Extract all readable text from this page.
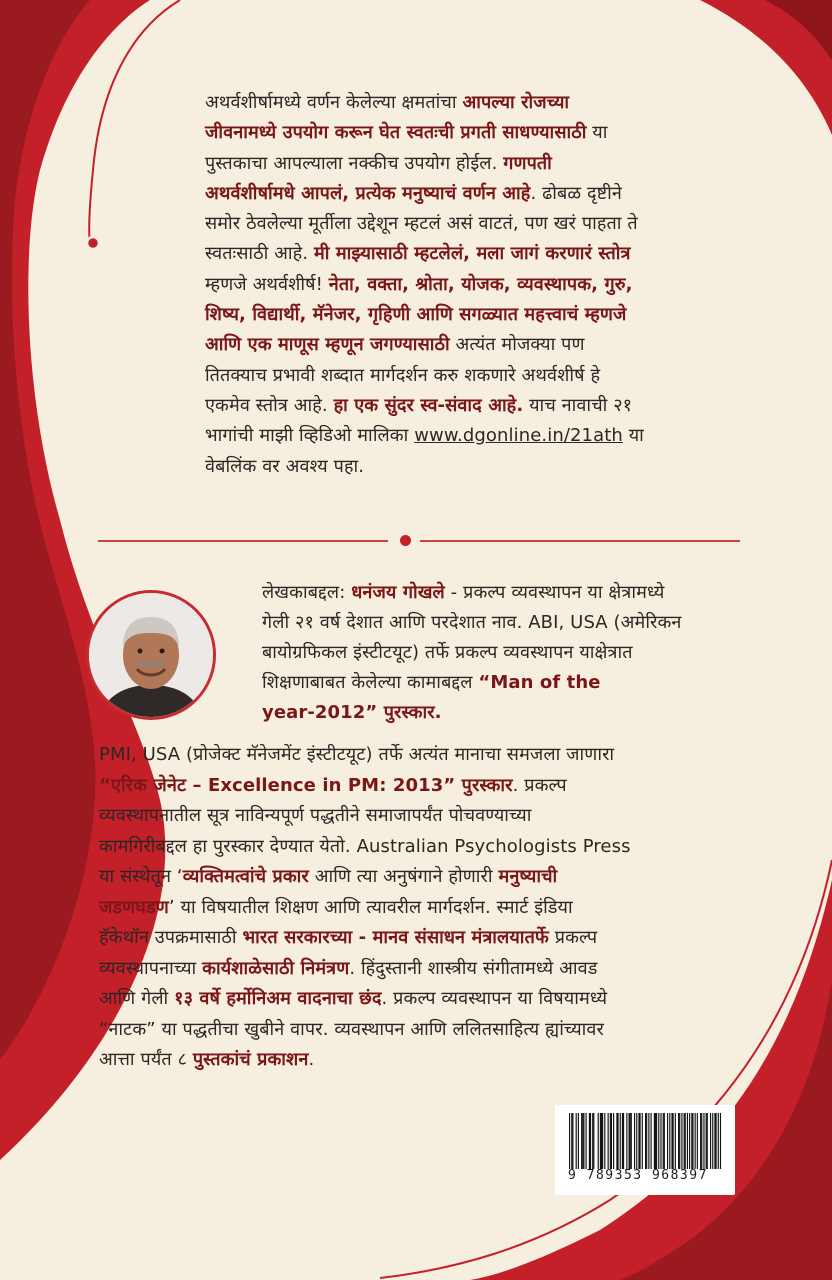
अथर्वशीर्षामध्ये वर्णन केलेल्या क्षमतांचा आपल्या रोजच्या
जीवनामध्ये उपयोग करून घेत स्वतःची प्रगती साधण्यासाठी या
पुस्तकाचा आपल्याला नक्कीच उपयोग होईल. गणपती
अथर्वशीर्षामधे आपलं, प्रत्येक मनुष्याचं वर्णन आहे. ढोबळ दृष्टीने
समोर ठेवलेल्या मूर्तीला उद्देशून म्हटलं असं वाटतं, पण खरं पाहता ते
स्वतःसाठी आहे. मी माझ्यासाठी म्हटलेलं, मला जागं करणारं स्तोत्र
म्हणजे अथर्वशीर्ष! नेता, वक्ता, श्रोता, योजक, व्यवस्थापक, गुरु,
शिष्य, विद्यार्थी, मॅनेजर, गृहिणी आणि सगळ्यात महत्त्वाचं म्हणजे
आणि एक माणूस म्हणून जगण्यासाठी अत्यंत मोजक्या पण
तितक्याच प्रभावी शब्दात मार्गदर्शन करु शकणारे अथर्वशीर्ष हे
एकमेव स्तोत्र आहे. हा एक सुंदर स्व-संवाद आहे. याच नावाची २१
भागांची माझी व्हिडिओ मालिका www.dgonline.in/21ath या
वेबलिंक वर अवश्य पहा.
लेखकाबद्दल: धनंजय गोखले - प्रकल्प व्यवस्थापन या क्षेत्रामध्ये
गेली २१ वर्ष देशात आणि परदेशात नाव. ABI, USA (अमेरिकन
बायोग्रफिकल इंस्टीटयूट) तर्फे प्रकल्प व्यवस्थापन याक्षेत्रात
शिक्षणाबाबत केलेल्या कामाबद्दल “Man of the
year-2012” पुरस्कार.
PMI, USA (प्रोजेक्ट मॅनेजमेंट इंस्टीटयूट) तर्फे अत्यंत मानाचा समजला जाणारा
“एरिक जेनेट – Excellence in PM: 2013” पुरस्कार. प्रकल्प
व्यवस्थापनातील सूत्र नाविन्यपूर्ण पद्धतीने समाजापर्यंत पोचवण्याच्या
कामगिरीबद्दल हा पुरस्कार देण्यात येतो. Australian Psychologists Press
या संस्थेतून ‘व्यक्तिमत्वांचे प्रकार आणि त्या अनुषंगाने होणारी मनुष्याची
जडणघडण’ या विषयातील शिक्षण आणि त्यावरील मार्गदर्शन. स्मार्ट इंडिया
हॅकेथॉन उपक्रमासाठी भारत सरकारच्या - मानव संसाधन मंत्रालयातर्फे प्रकल्प
व्यवस्थापनाच्या कार्यशाळेसाठी निमंत्रण. हिंदुस्तानी शास्त्रीय संगीतामध्ये आवड
आणि गेली १३ वर्षे हर्मोनिअम वादनाचा छंद. प्रकल्प व्यवस्थापन या विषयामध्ये
“नाटक” या पद्धतीचा खुबीने वापर. व्यवस्थापन आणि ललितसाहित्य ह्यांच्यावर
आत्ता पर्यंत ८ पुस्तकांचं प्रकाशन.
9 789353 968397
